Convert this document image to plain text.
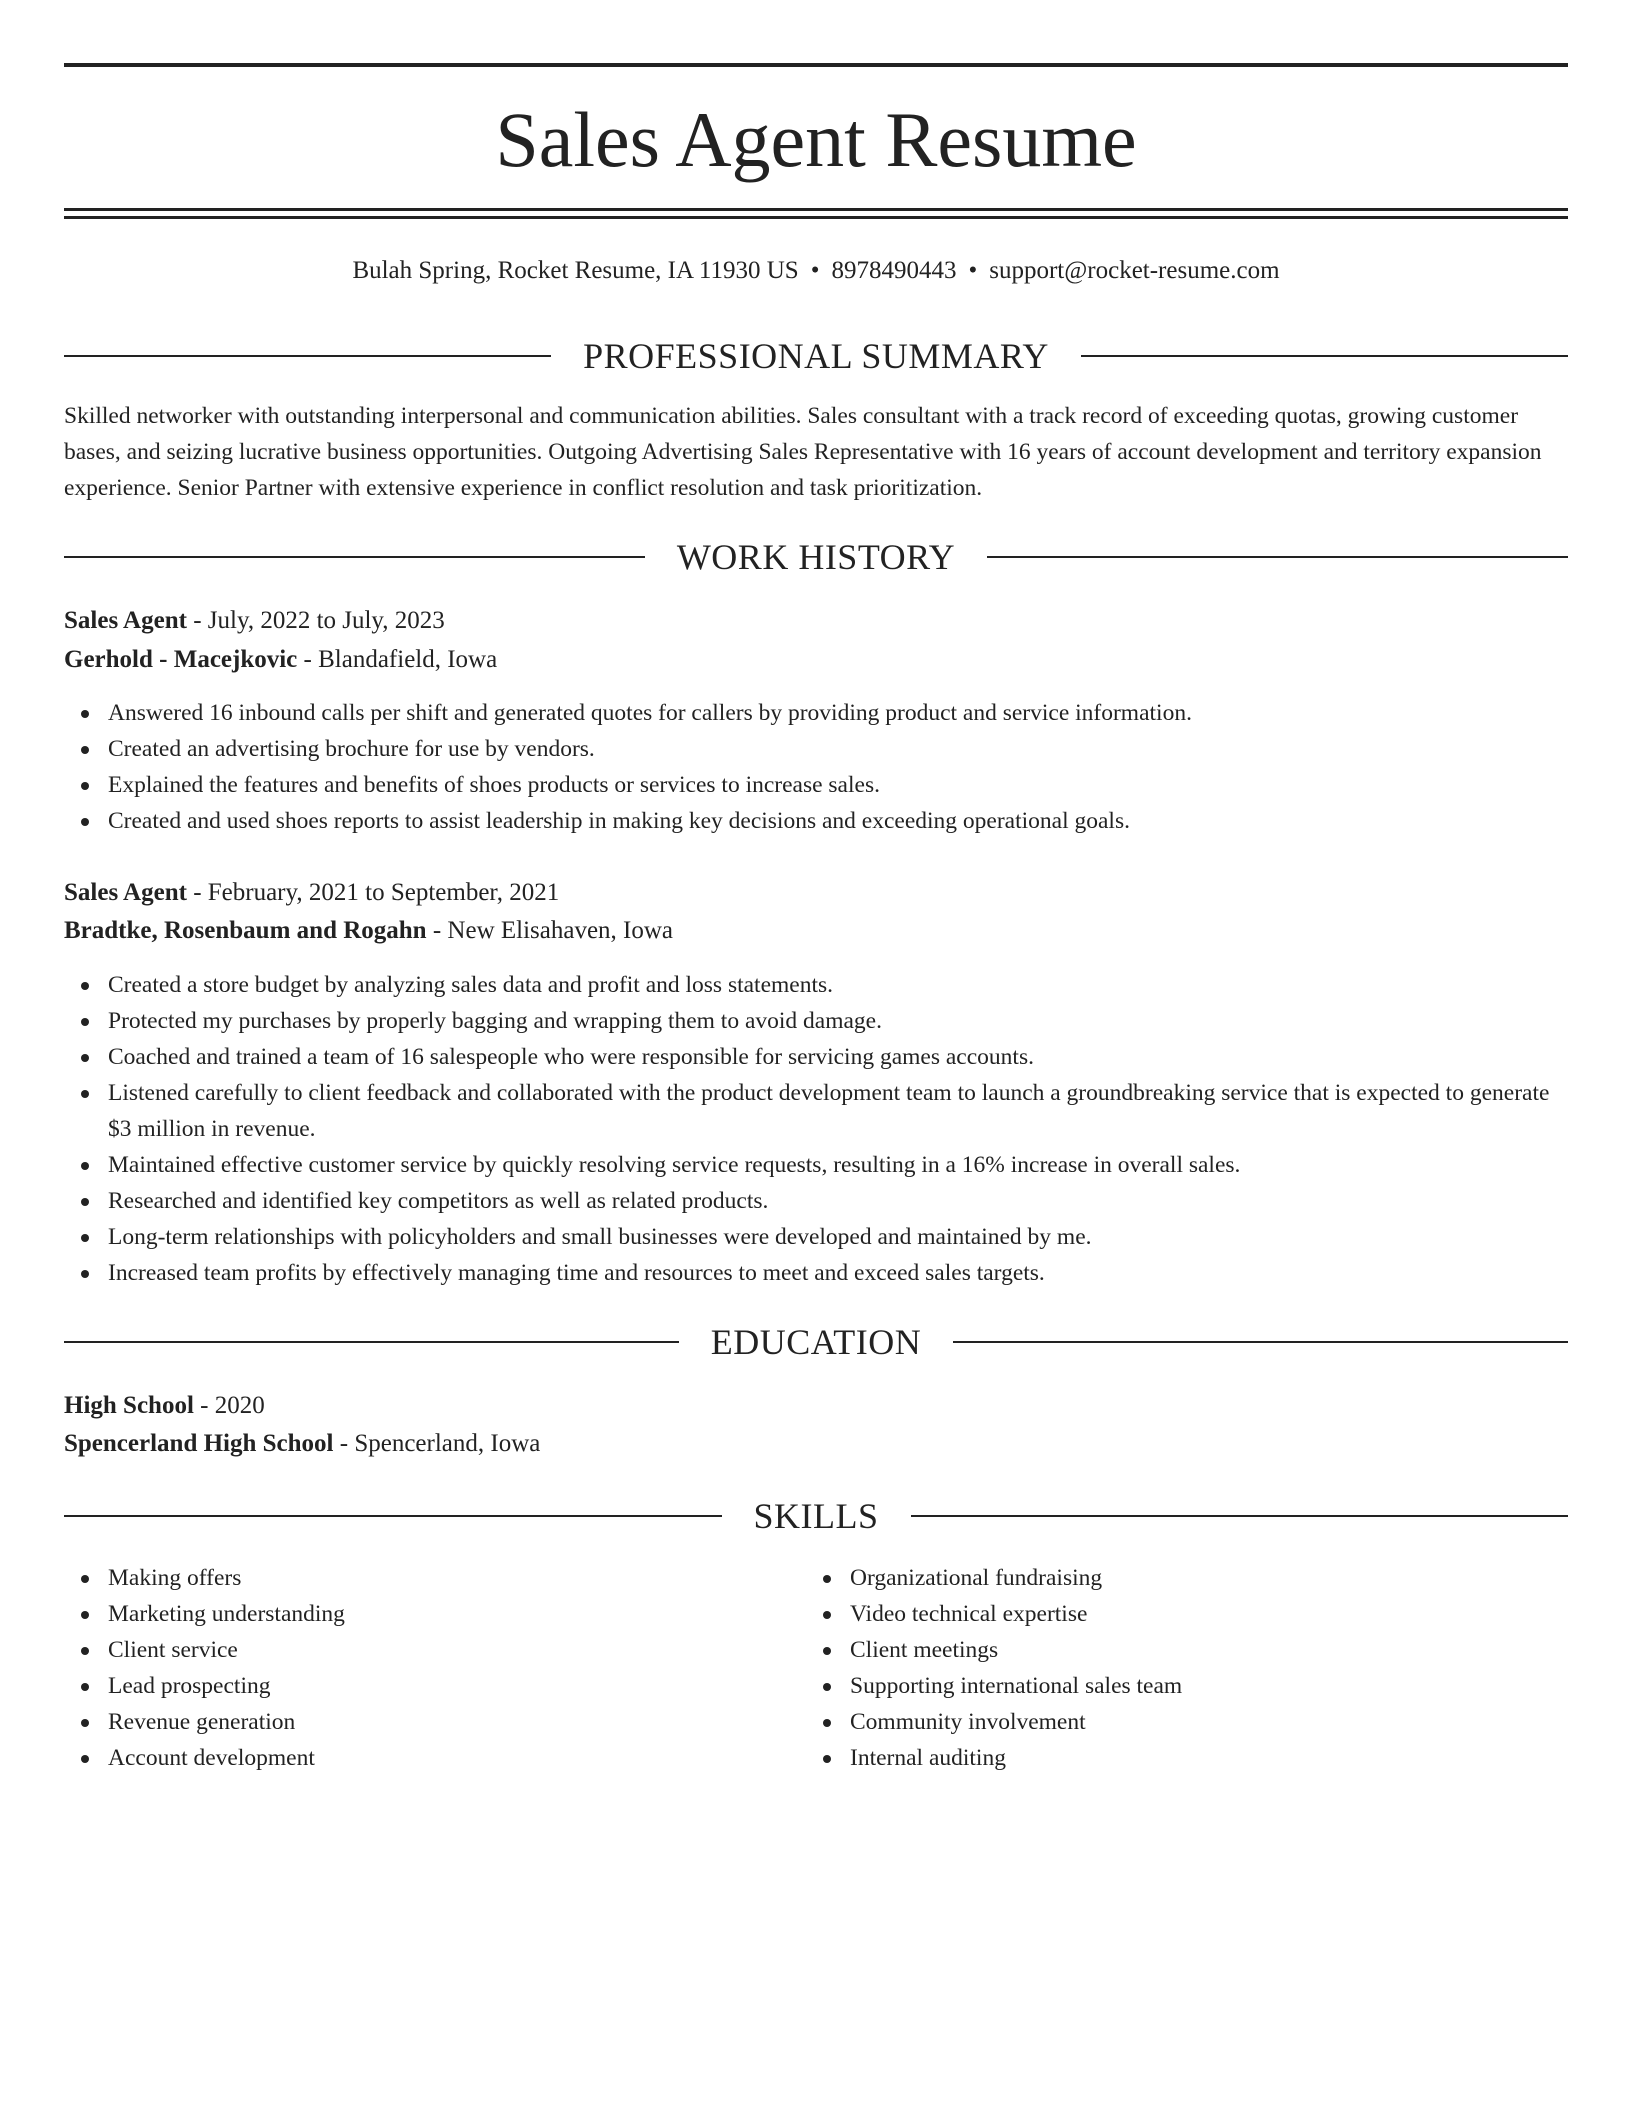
Sales Agent Resume
Bulah Spring, Rocket Resume, IA 11930 US • 8978490443 • support@rocket-resume.com
PROFESSIONAL SUMMARY

Skilled networker with outstanding interpersonal and communication abilities. Sales consultant with a track record of exceeding quotas, growing customer bases, and seizing lucrative business opportunities. Outgoing Advertising Sales Representative with 16 years of account development and territory expansion experience. Senior Partner with extensive experience in conflict resolution and task prioritization.

WORK HISTORY
Sales Agent - July, 2022 to July, 2023
Gerhold - Macejkovic - Blandafield, Iowa
Answered 16 inbound calls per shift and generated quotes for callers by providing product and service information.
Created an advertising brochure for use by vendors.
Explained the features and benefits of shoes products or services to increase sales.
Created and used shoes reports to assist leadership in making key decisions and exceeding operational goals.
Sales Agent - February, 2021 to September, 2021
Bradtke, Rosenbaum and Rogahn - New Elisahaven, Iowa
Created a store budget by analyzing sales data and profit and loss statements.
Protected my purchases by properly bagging and wrapping them to avoid damage.
Coached and trained a team of 16 salespeople who were responsible for servicing games accounts.
Listened carefully to client feedback and collaborated with the product development team to launch a groundbreaking service that is expected to generate $3 million in revenue.
Maintained effective customer service by quickly resolving service requests, resulting in a 16% increase in overall sales.
Researched and identified key competitors as well as related products.
Long-term relationships with policyholders and small businesses were developed and maintained by me.
Increased team profits by effectively managing time and resources to meet and exceed sales targets.
EDUCATION
High School - 2020
Spencerland High School - Spencerland, Iowa
SKILLS
Making offers
Marketing understanding
Client service
Lead prospecting
Revenue generation
Account development
Organizational fundraising
Video technical expertise
Client meetings
Supporting international sales team
Community involvement
Internal auditing
